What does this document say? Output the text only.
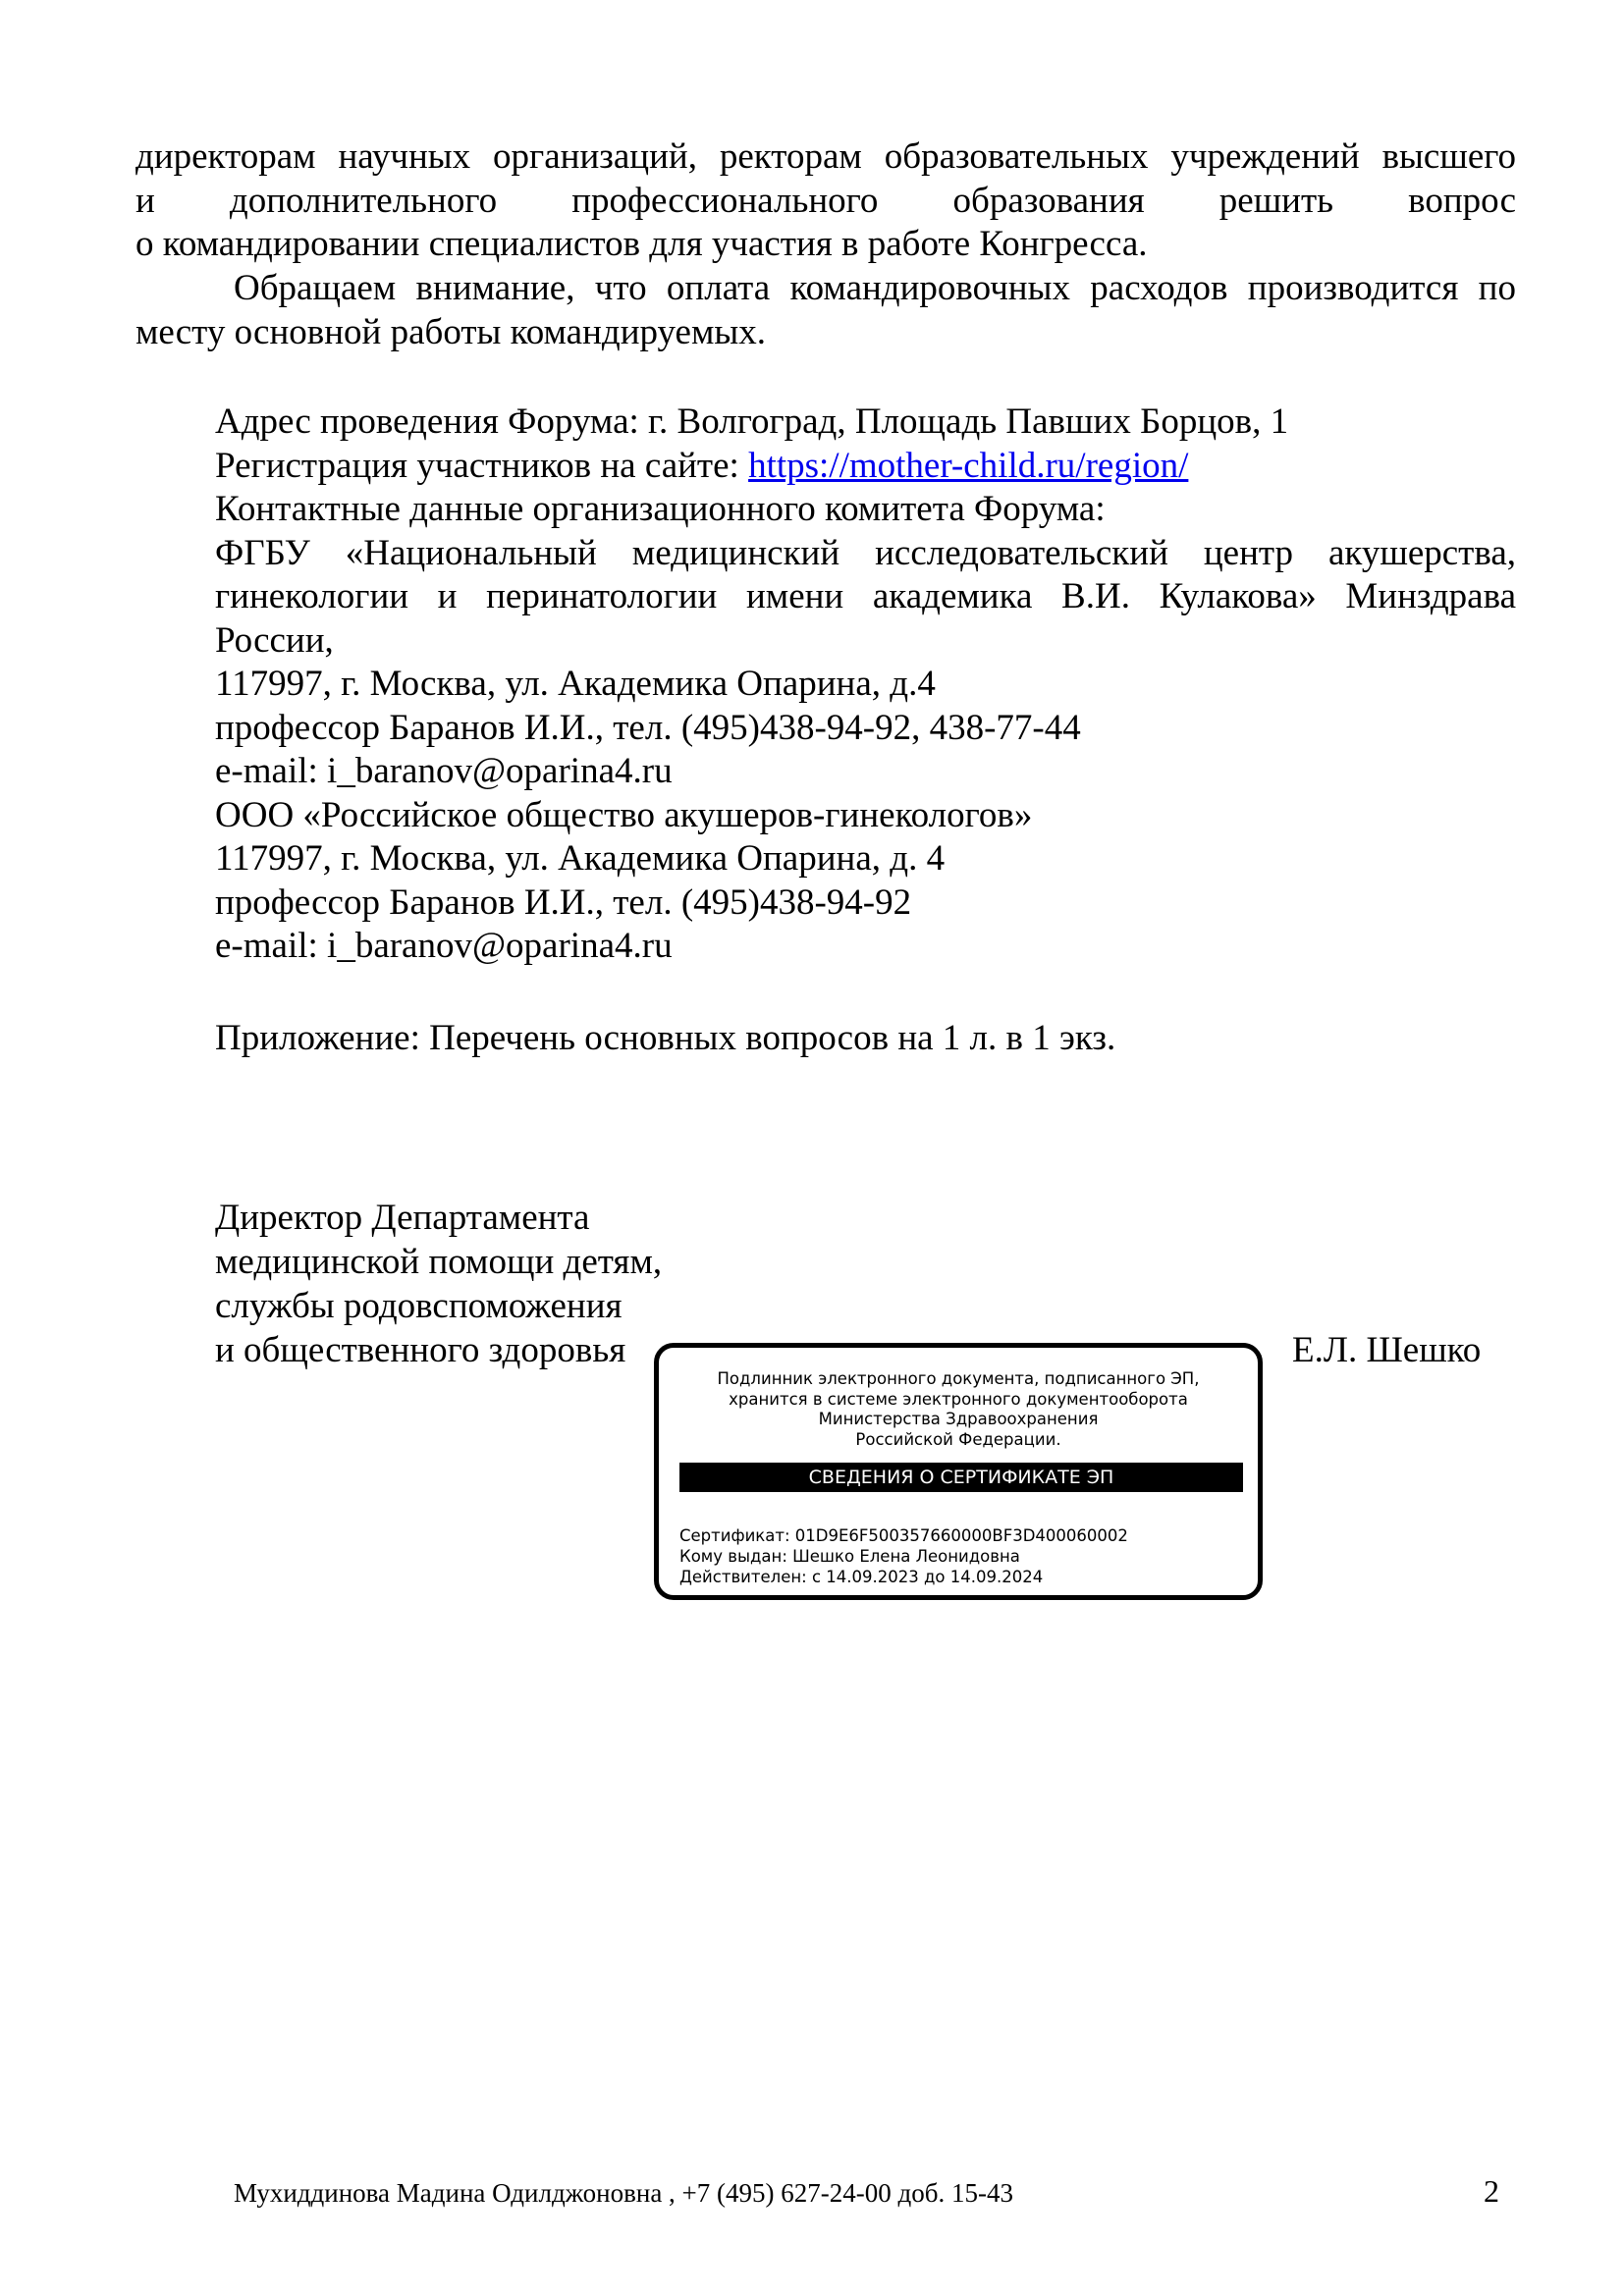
директорам научных организаций, ректорам образовательных учреждений высшего
и дополнительного профессионального образования решить вопрос
о командировании специалистов для участия в работе Конгресса.
Обращаем внимание, что оплата командировочных расходов производится по
месту основной работы командируемых.
Адрес проведения Форума: г. Волгоград, Площадь Павших Борцов, 1
Регистрация участников на сайте: https://mother-child.ru/region/
Контактные данные организационного комитета Форума:
ФГБУ «Национальный медицинский исследовательский центр акушерства,
гинекологии и перинатологии имени академика В.И. Кулакова» Минздрава
России,
117997, г. Москва, ул. Академика Опарина, д.4
профессор Баранов И.И., тел. (495)438-94-92, 438-77-44
e-mail: i_baranov@oparina4.ru
ООО «Российское общество акушеров-гинекологов»
117997, г. Москва, ул. Академика Опарина, д. 4
профессор Баранов И.И., тел. (495)438-94-92
e-mail: i_baranov@oparina4.ru
Приложение: Перечень основных вопросов на 1 л. в 1 экз.
Директор Департамента
медицинской помощи детям,
службы родовспоможения
и общественного здоровья	Е.Л. Шешко
Подлинник электронного документа, подписанного ЭП,
хранится в системе электронного документооборота
Министерства Здравоохранения
Российской Федерации.
СВЕДЕНИЯ О СЕРТИФИКАТЕ ЭП
Сертификат: 01D9E6F500357660000BF3D400060002
Кому выдан: Шешко Елена Леонидовна
Действителен: с 14.09.2023 до 14.09.2024
Мухиддинова Мадина Одилджоновна , +7 (495) 627-24-00 доб. 15-43	2
